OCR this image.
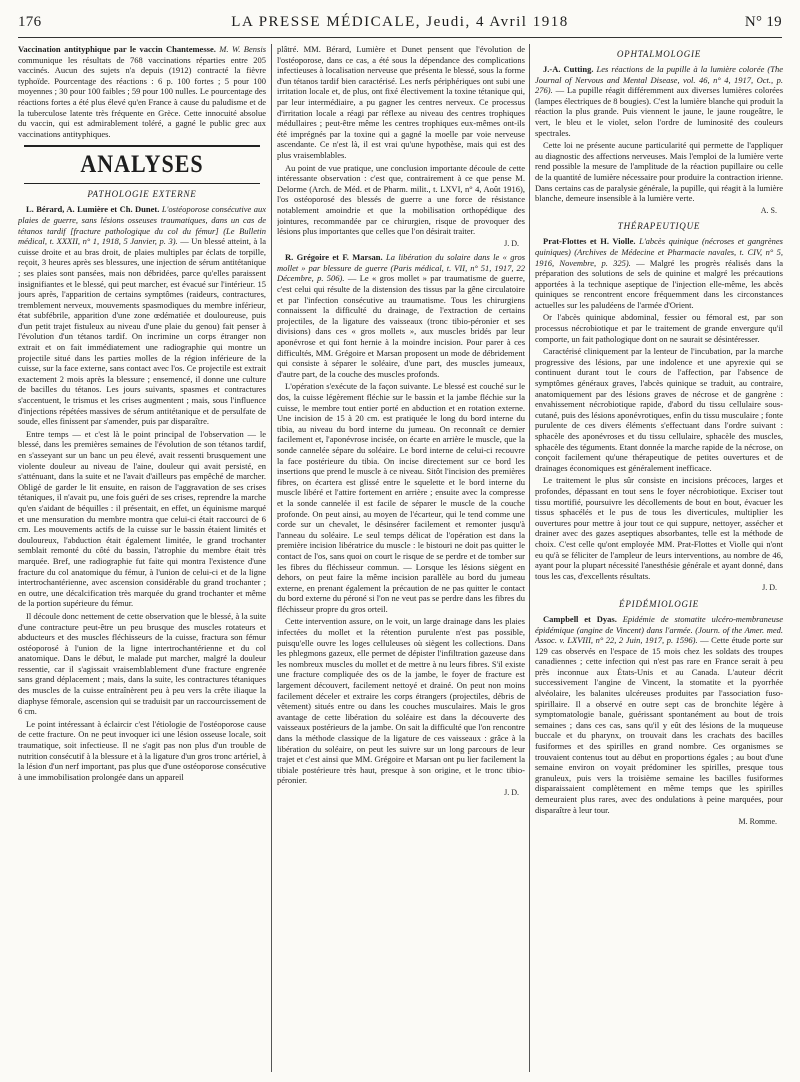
176	LA PRESSE MÉDICALE, Jeudi, 4 Avril 1918	N° 19

Vaccination antityphique par le vaccin Chantemesse. M. W. Bensis communique les résultats de 768 vaccinations réparties entre 205 vaccinés. Aucun des sujets n'a depuis (1912) contracté la fièvre typhoïde. Pourcentage des réactions : 6 p. 100 fortes ; 5 pour 100 moyennes ; 30 pour 100 faibles ; 59 pour 100 nulles. Le pourcentage des réactions fortes a été plus élevé qu'en France à cause du paludisme et de la tuberculose latente très fréquente en Grèce. Cette innocuité absolue du vaccin, qui est admirablement toléré, a gagné le public grec aux vaccinations antityphiques.

ANALYSES
PATHOLOGIE EXTERNE

L. Bérard, A. Lumière et Ch. Dunet. L'ostéoporose consécutive aux plaies de guerre, sans lésions osseuses traumatiques, dans un cas de tétanos tardif [fracture pathologique du col du fémur] (Le Bulletin médical, t. XXXII, n° 1, 1918, 5 Janvier, p. 3). — Un blessé atteint, à la cuisse droite et au bras droit, de plaies multiples par éclats de torpille, reçoit, 3 heures après ses blessures, une injection de sérum antitétanique ; ses plaies sont pansées, mais non débridées, parce qu'elles paraissent insignifiantes et le blessé, qui peut marcher, est évacué sur l'intérieur. 15 jours après, l'apparition de certains symptômes (raideurs, contractures, tremblement nerveux, mouvements spasmodiques du membre inférieur, état subfébrile, apparition d'une zone œdématiée et douloureuse, puis d'un petit trajet fistuleux au niveau d'une plaie du genou) fait penser à l'évolution d'un tétanos tardif. On incrimine un corps étranger non extrait et on fait immédiatement une radiographie qui montre un projectile situé dans les parties molles de la région inférieure de la cuisse, sur la face externe, sans contact avec l'os. Ce projectile est extrait exactement 2 mois après la blessure ; ensemencé, il donne une culture de bacilles du tétanos. Les jours suivants, spasmes et contractures s'accentuent, le trismus et les crises augmentent ; mais, sous l'influence d'injections répétées massives de sérum antitétanique et de persulfate de soude, elles finissent par s'amender, puis par disparaître.

Entre temps — et c'est là le point principal de l'observation — le blessé, dans les premières semaines de l'évolution de son tétanos tardif, en s'asseyant sur un banc un peu élevé, avait ressenti brusquement une violente douleur au niveau de l'aine, douleur qui avait persisté, en s'atténuant, dans la suite et ne l'avait d'ailleurs pas empêché de marcher. Obligé de garder le lit ensuite, en raison de l'aggravation de ses crises tétaniques, il n'avait pu, une fois guéri de ses crises, reprendre la marche qu'en s'aidant de béquilles : il présentait, en effet, un équinisme marqué et une mensuration du membre montra que celui-ci était raccourci de 6 cm. Les mouvements actifs de la cuisse sur le bassin étaient limités et douloureux, l'abduction était également limitée, le grand trochanter semblait remonté du côté du bassin, l'atrophie du membre était très marquée. Bref, une radiographie fut faite qui montra l'existence d'une fracture du col anatomique du fémur, à l'union de celui-ci et de la ligne intertrochantérienne, avec ascension considérable du grand trochanter ; en outre, une décalcification très marquée du grand trochanter et même de la portion supérieure du fémur.

Il découle donc nettement de cette observation que le blessé, à la suite d'une contracture peut-être un peu brusque des muscles rotateurs et abducteurs et des muscles fléchisseurs de la cuisse, fractura son fémur ostéoporosé à l'union de la ligne intertrochantérienne et du col anatomique. Dans le début, le malade put marcher, malgré la douleur ressentie, car il s'agissait vraisemblablement d'une fracture engrenée sans grand déplacement ; mais, dans la suite, les contractures tétaniques des muscles de la cuisse entraînèrent peu à peu vers la crête iliaque la diaphyse fémorale, ascension qui se traduisit par un raccourcissement de 6 cm.

Le point intéressant à éclaircir c'est l'étiologie de l'ostéoporose cause de cette fracture. On ne peut invoquer ici une lésion osseuse locale, soit traumatique, soit infectieuse. Il ne s'agit pas non plus d'un trouble de nutrition consécutif à la blessure et à la ligature d'un gros tronc artériel, à la lésion d'un nerf important, pas plus que d'une ostéoporose consécutive à une immobilisation prolongée dans un appareil

plâtré. MM. Bérard, Lumière et Dunet pensent que l'évolution de l'ostéoporose, dans ce cas, a été sous la dépendance des complications infectieuses à localisation nerveuse que présenta le blessé, sous la forme d'un tétanos tardif bien caractérisé. Les nerfs périphériques ont subi une irritation locale et, de plus, ont fixé électivement la toxine tétanique qui, par leur intermédiaire, a pu gagner les centres nerveux. Ce processus d'irritation locale a réagi par réflexe au niveau des centres trophiques médullaires ; peut-être même les centres trophiques eux-mêmes ont-ils été imprégnés par la toxine qui a gagné la moelle par voie nerveuse ascendante. Ce n'est là, il est vrai qu'une hypothèse, mais qui est des plus vraisemblables.

Au point de vue pratique, une conclusion importante découle de cette intéressante observation : c'est que, contrairement à ce que pense M. Delorme (Arch. de Méd. et de Pharm. milit., t. LXVI, n° 4, Août 1916), l'os ostéoporosé des blessés de guerre a une force de résistance notablement amoindrie et que la mobilisation orthopédique des jointures, recommandée par ce chirurgien, risque de provoquer des lésions plus importantes que celles que l'on désirait traiter.

J. D.

R. Grégoire et F. Marsan. La libération du solaire dans le « gros mollet » par blessure de guerre (Paris médical, t. VII, n° 51, 1917, 22 Décembre, p. 506). — Le « gros mollet » par traumatisme de guerre, c'est celui qui résulte de la distension des tissus par la gêne circulatoire et par l'infection consécutive au traumatisme. Tous les chirurgiens connaissent la difficulté du drainage, de l'extraction de certains projectiles, de la ligature des vaisseaux (tronc tibio-péronier et ses divisions) dans ces « gros mollets », aux muscles bridés par leur aponévrose et qui font hernie à la moindre incision. Pour parer à ces difficultés, MM. Grégoire et Marsan proposent un mode de débridement qui consiste à séparer le soléaire, d'une part, des muscles jumeaux, d'autre part, de la couche des muscles profonds.

L'opération s'exécute de la façon suivante. Le blessé est couché sur le dos, la cuisse légèrement fléchie sur le bassin et la jambe fléchie sur la cuisse, le membre tout entier porté en abduction et en rotation externe. Une incision de 15 à 20 cm. est pratiquée le long du bord interne du tibia, au niveau du bord interne du jumeau. On reconnaît ce dernier facilement et, l'aponévrose incisée, on écarte en arrière le muscle, que la sonde cannelée sépare du soléaire. Le bord interne de celui-ci recouvre la face postérieure du tibia. On incise directement sur ce bord les insertions que prend le muscle à ce niveau. Sitôt l'incision des premières fibres, on écartera est glissé entre le squelette et le bord interne du muscle libéré et l'attire fortement en arrière ; ensuite avec la compresse et la sonde cannelée il est facile de séparer le muscle de la couche profonde. On peut ainsi, au moyen de l'écarteur, qui le tend comme une corde sur un chevalet, le désinsérer facilement et remonter jusqu'à l'anneau du soléaire. Le seul temps délicat de l'opération est dans la première incision libératrice du muscle : le bistouri ne doit pas quitter le contact de l'os, sans quoi on court le risque de se perdre et de tomber sur les fibres du fléchisseur commun. — Lorsque les lésions siègent en dehors, on peut faire la même incision parallèle au bord du jumeau externe, en prenant également la précaution de ne pas quitter le contact du bord externe du péroné si l'on ne veut pas se perdre dans les fibres du fléchisseur propre du gros orteil.

Cette intervention assure, on le voit, un large drainage dans les plaies infectées du mollet et la rétention purulente n'est pas possible, puisqu'elle ouvre les loges celluleuses où siègent les collections. Dans les phlegmons gazeux, elle permet de dépister l'infiltration gazeuse dans les nombreux muscles du mollet et de mettre à nu leurs fibres. S'il existe une fracture compliquée des os de la jambe, le foyer de fracture est largement découvert, facilement nettoyé et drainé. On peut non moins facilement déceler et extraire les corps étrangers (projectiles, débris de vêtement) situés entre ou dans les couches musculaires. Mais le gros avantage de cette libération du soléaire est dans la découverte des vaisseaux postérieurs de la jambe. On sait la difficulté que l'on rencontre dans la méthode classique de la ligature de ces vaisseaux : grâce à la libération du soléaire, on peut les suivre sur un long parcours de leur trajet et c'est ainsi que MM. Grégoire et Marsan ont pu lier facilement la tibiale postérieure très haut, presque à son origine, et le tronc tibio-péronier.

J. D.
OPHTALMOLOGIE

J.-A. Cutting. Les réactions de la pupille à la lumière colorée (The Journal of Nervous and Mental Disease, vol. 46, n° 4, 1917, Oct., p. 276). — La pupille réagit différemment aux diverses lumières colorées (lampes électriques de 8 bougies). C'est la lumière blanche qui produit la réaction la plus grande. Puis viennent le jaune, le jaune rougeâtre, le vert, le bleu et le violet, selon l'ordre de luminosité des couleurs spectrales.

Cette loi ne présente aucune particularité qui permette de l'appliquer au diagnostic des affections nerveuses. Mais l'emploi de la lumière verte rend possible la mesure de l'amplitude de la réaction pupillaire ou celle de la quantité de lumière nécessaire pour produire la contraction irienne. Dans certains cas de paralysie générale, la pupille, qui réagit à la lumière blanche, demeure insensible à la lumière verte.

A. S.
THÉRAPEUTIQUE

Prat-Flottes et H. Violle. L'abcès quinique (nécroses et gangrènes quiniques) (Archives de Médecine et Pharmacie navales, t. CIV, n° 5, 1916, Novembre, p. 325). — Malgré les progrès réalisés dans la préparation des solutions de sels de quinine et malgré les précautions apportées à la technique aseptique de l'injection elle-même, les abcès quiniques se rencontrent encore fréquemment dans les circonstances actuelles sur les paludéens de l'armée d'Orient.

Or l'abcès quinique abdominal, fessier ou fémoral est, par son processus nécrobiotique et par le traitement de grande envergure qu'il comporte, un fait pathologique dont on ne saurait se désintéresser.

Caractérisé cliniquement par la lenteur de l'incubation, par la marche progressive des lésions, par une indolence et une apyrexie qui se continuent durant tout le cours de l'affection, par l'absence de symptômes généraux graves, l'abcès quinique se traduit, au contraire, anatomiquement par des lésions graves de nécrose et de gangrène : envahissement nécrobiotique rapide, d'abord du tissu cellulaire sous-cutané, puis des lésions aponévrotiques, enfin du tissu musculaire ; fonte purulente de ces divers éléments s'effectuant dans l'ordre suivant : sphacèle des aponévroses et du tissu cellulaire, sphacèle des muscles, sphacèle des téguments. Etant donnée la marche rapide de la nécrose, on conçoit facilement qu'une thérapeutique de petites ouvertures et de drainages économiques est généralement inefficace.

Le traitement le plus sûr consiste en incisions précoces, larges et profondes, dépassant en tout sens le foyer nécrobiotique. Exciser tout tissu mortifié, poursuivre les décollements de bout en bout, évacuer les tissus sphacélés et le pus de tous les diverticules, multiplier les ouvertures pour mettre à jour tout ce qui suppure, nettoyer, assécher et drainer avec des gazes aseptiques absorbantes, telle est la méthode de choix. C'est celle qu'ont employée MM. Prat-Flottes et Violle qui n'ont eu qu'à se féliciter de l'ampleur de leurs interventions, au nombre de 46, ayant pour la plupart nécessité l'anesthésie générale et ayant donné, dans tous les cas, d'excellents résultats.

J. D.
ÉPIDÉMIOLOGIE

Campbell et Dyas. Epidémie de stomatite ulcéro-membraneuse épidémique (angine de Vincent) dans l'armée. (Journ. of the Amer. med. Assoc. v. LXVIII, n° 22, 2 Juin, 1917, p. 1596). — Cette étude porte sur 129 cas observés en l'espace de 15 mois chez les soldats des troupes canadiennes ; cette infection qui n'est pas rare en France serait à peu près inconnue aux États-Unis et au Canada. L'auteur décrit successivement l'angine de Vincent, la stomatite et la pyorrhée alvéolaire, les balanites ulcéreuses produites par l'association fuso-spirillaire. Il a observé en outre sept cas de bronchite légère à symptomatologie banale, guérissant spontanément au bout de trois semaines ; dans ces cas, sans qu'il y eût des lésions de la muqueuse buccale et du pharynx, on trouvait dans les crachats des bacilles fusiformes et des spirilles en grand nombre. Ces organismes se trouvaient contenus tout au début en proportions égales ; au bout d'une semaine environ on voyait prédominer les spirilles, presque tous granuleux, puis vers la troisième semaine les bacilles fusiformes disparaissaient complètement en même temps que les spirilles demeuraient plus rares, avec des ondulations à peine marquées, pour disparaître à leur tour.

M. Romme.
